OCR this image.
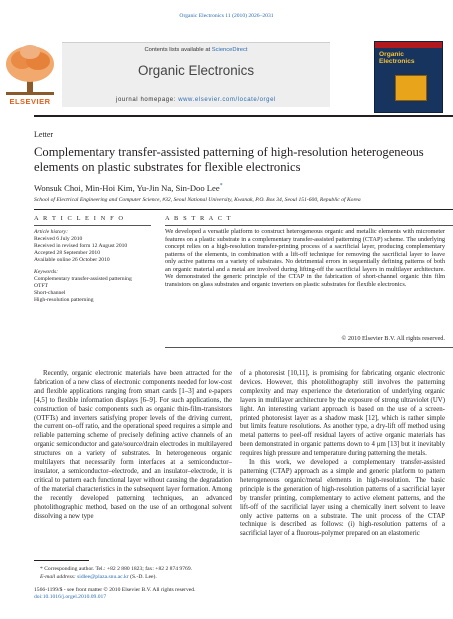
Organic Electronics 11 (2010) 2026–2031
ELSEVIER
Contents lists available at ScienceDirect
Organic Electronics
journal homepage: www.elsevier.com/locate/orgel
Organic Electronics
Letter
Complementary transfer-assisted patterning of high-resolution heterogeneous elements on plastic substrates for flexible electronics
Wonsuk Choi, Min-Hoi Kim, Yu-Jin Na, Sin-Doo Lee*
School of Electrical Engineering and Computer Science, #32, Seoul National University, Kwanak, P.O. Box 34, Seoul 151-600, Republic of Korea
A R T I C L E I N F O
Article history:
Received 6 July 2010
Received in revised form 12 August 2010
Accepted 28 September 2010
Available online 26 October 2010
Keywords:
Complementary transfer-assisted patterning
OTFT
Short-channel
High-resolution patterning
A B S T R A C T
We developed a versatile platform to construct heterogeneous organic and metallic elements with micrometer features on a plastic substrate in a complementary transfer-assisted patterning (CTAP) scheme. The underlying concept relies on a high-resolution transfer-printing process of a sacrificial layer, producing complementary patterns of the elements, in combination with a lift-off technique for removing the sacrificial layer to leave only active patterns on a variety of substrates. No detrimental errors in sequentially defining patterns of both an organic material and a metal are involved during lifting-off the sacrificial layers in multilayer architecture. We demonstrated the generic principle of the CTAP in the fabrication of short-channel organic thin film transistors on glass substrates and organic inverters on plastic substrates for flexible electronics.
© 2010 Elsevier B.V. All rights reserved.
Recently, organic electronic materials have been attracted for the fabrication of a new class of electronic components needed for low-cost and flexible applications ranging from smart cards [1–3] and e-papers [4,5] to flexible information displays [6–9]. For such applications, the construction of basic components such as organic thin-film-transistors (OTFTs) and inverters satisfying proper levels of the driving current, the current on–off ratio, and the operational speed requires a simple and reliable patterning scheme of precisely defining active channels of an organic semiconductor and gate/source/drain electrodes in multilayered structures on a variety of substrates. In heterogeneous organic multilayers that necessarily form interfaces at a semiconductor–insulator, a semiconductor–electrode, and an insulator–electrode, it is critical to pattern each functional layer without causing the degradation of the material characteristics in the subsequent layer formation. Among the recently developed patterning techniques, an advanced photolithographic method, based on the use of an orthogonal solvent dissolving a new type
of a photoresist [10,11], is promising for fabricating organic electronic devices. However, this photolithography still involves the patterning complexity and may experience the deterioration of underlying organic layers in multilayer architecture by the exposure of strong ultraviolet (UV) light. An interesting variant approach is based on the use of a screen-printed photoresist layer as a shadow mask [12], which is rather simple but limits feature resolutions. As another type, a dry-lift off method using metal patterns to peel-off residual layers of active organic materials has been demonstrated in organic patterns down to 4 μm [13] but it inevitably requires high pressure and temperature during patterning the metals.
In this work, we developed a complementary transfer-assisted patterning (CTAP) approach as a simple and generic platform to pattern heterogeneous organic/metal elements in high-resolution. The basic principle is the generation of high-resolution patterns of a sacrificial layer by transfer printing, complementary to active element patterns, and the lift-off of the sacrificial layer using a chemically inert solvent to leave only active patterns on a substrate. The unit process of the CTAP technique is described as follows: (i) high-resolution patterns of a sacrificial layer of a fluorous-polymer prepared on an elastomeric
* Corresponding author. Tel.: +82 2 880 1823; fax: +82 2 874 9769.
E-mail address: sidlee@plaza.snu.ac.kr (S.-D. Lee).
1566-1199/$ - see front matter © 2010 Elsevier B.V. All rights reserved.
doi:10.1016/j.orgel.2010.09.017
